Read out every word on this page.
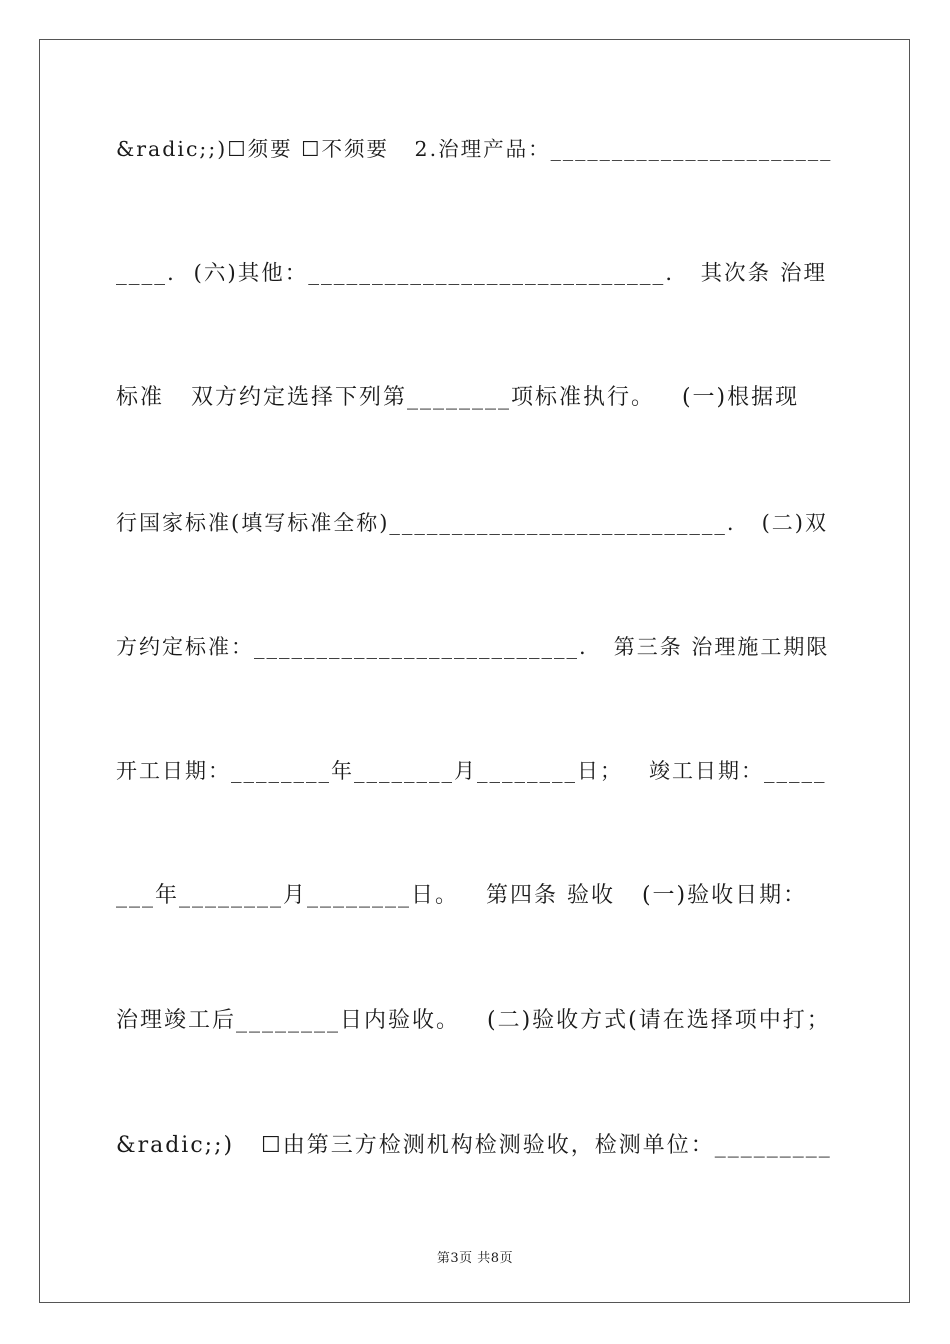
&radic;;)☐须要 ☐不须要   2.治理产品：_______________________
____.  (六)其他：____________________________.   其次条 治理
标准   双方约定选择下列第________项标准执行。   (一)根据现
行国家标准(填写标准全称)___________________________.   (二)双
方约定标准：__________________________.   第三条 治理施工期限
开工日期：________年________月________日；   竣工日期：_____
___年________月________日。   第四条 验收   (一)验收日期：
治理竣工后________日内验收。   (二)验收方式(请在选择项中打；
&radic;;)   ☐由第三方检测机构检测验收，检测单位：_________
第3页 共8页
